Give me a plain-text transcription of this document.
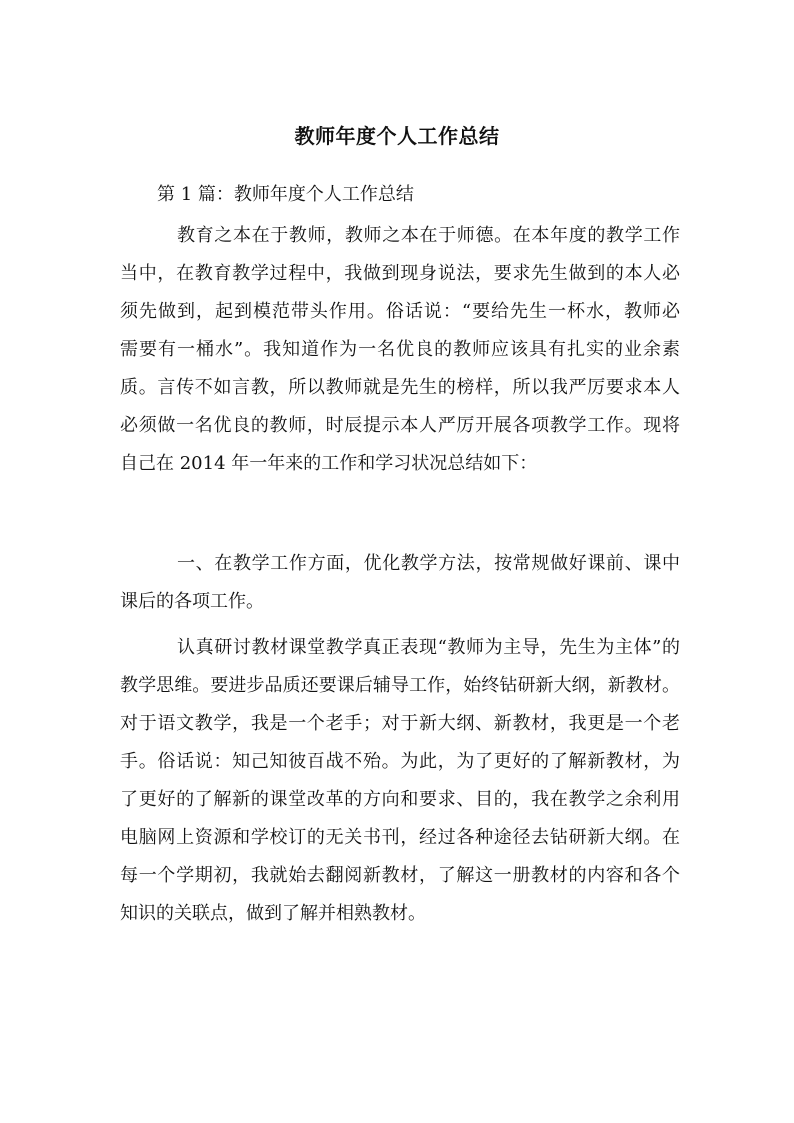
教师年度个人工作总结
第 1 篇：教师年度个人工作总结
教育之本在于教师，教师之本在于师德。在本年度的教学工作
当中，在教育教学过程中，我做到现身说法，要求先生做到的本人必
须先做到，起到模范带头作用。俗话说：“要给先生一杯水，教师必
需要有一桶水”。我知道作为一名优良的教师应该具有扎实的业余素
质。言传不如言教，所以教师就是先生的榜样，所以我严厉要求本人
必须做一名优良的教师，时辰提示本人严厉开展各项教学工作。现将
自己在 2014 年一年来的工作和学习状况总结如下：
一、在教学工作方面，优化教学方法，按常规做好课前、课中
课后的各项工作。
认真研讨教材课堂教学真正表现“教师为主导，先生为主体”的
教学思维。要进步品质还要课后辅导工作，始终钻研新大纲，新教材。
对于语文教学，我是一个老手；对于新大纲、新教材，我更是一个老
手。俗话说：知己知彼百战不殆。为此，为了更好的了解新教材，为
了更好的了解新的课堂改革的方向和要求、目的，我在教学之余利用
电脑网上资源和学校订的无关书刊，经过各种途径去钻研新大纲。在
每一个学期初，我就始去翻阅新教材，了解这一册教材的内容和各个
知识的关联点，做到了解并相熟教材。
